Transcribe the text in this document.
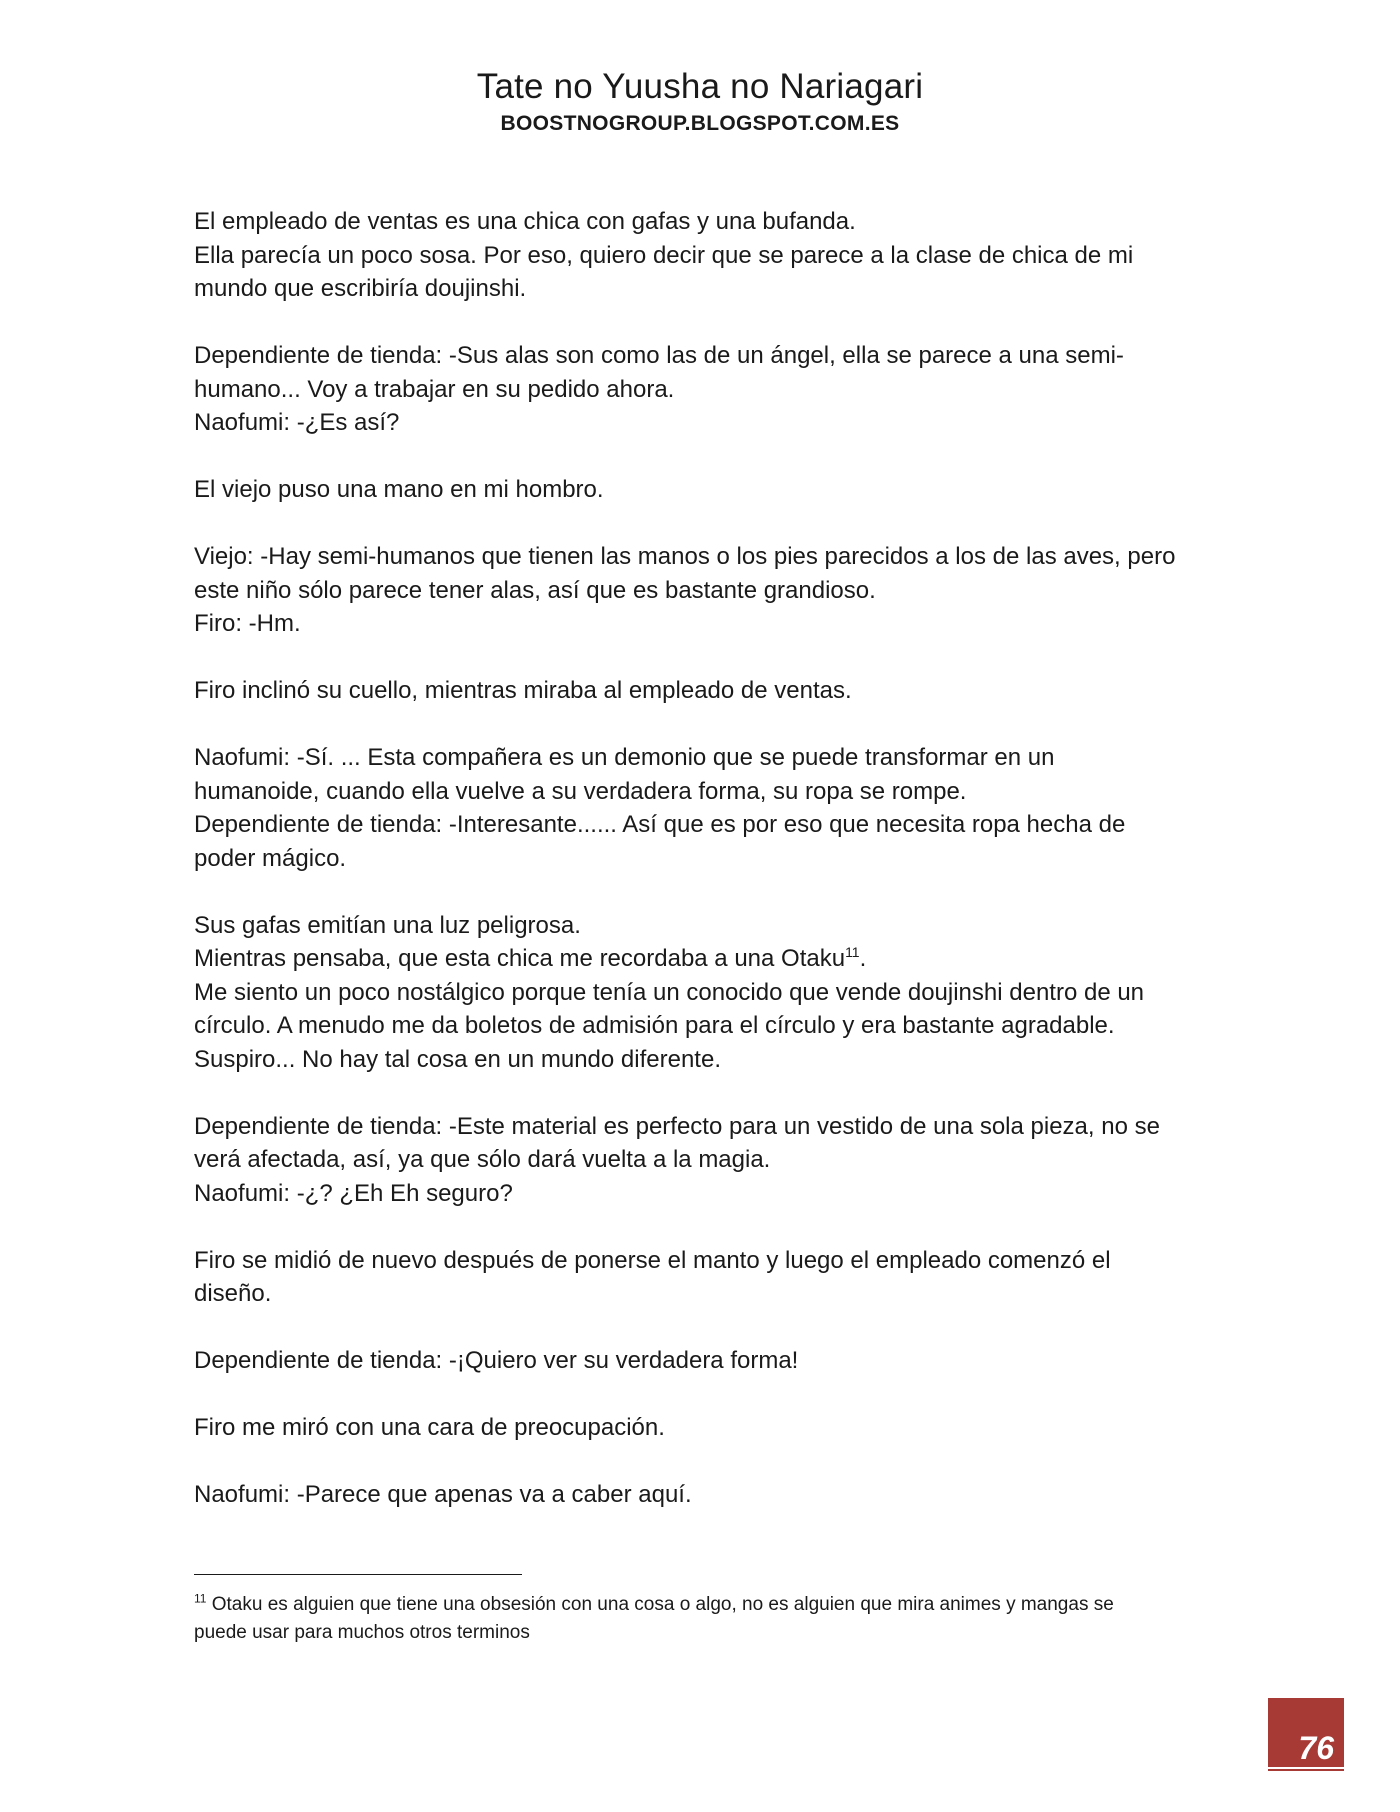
Tate no Yuusha no Nariagari
BOOSTNOGROUP.BLOGSPOT.COM.ES
El empleado de ventas es una chica con gafas y una bufanda.
Ella parecía un poco sosa. Por eso, quiero decir que se parece a la clase de chica de mi
mundo que escribiría doujinshi.
Dependiente de tienda: -Sus alas son como las de un ángel, ella se parece a una semi-
humano... Voy a trabajar en su pedido ahora.
Naofumi: -¿Es así?
El viejo puso una mano en mi hombro.
Viejo: -Hay semi-humanos que tienen las manos o los pies parecidos a los de las aves, pero
este niño sólo parece tener alas, así que es bastante grandioso.
Firo: -Hm.
Firo inclinó su cuello, mientras miraba al empleado de ventas.
Naofumi: -Sí. ... Esta compañera es un demonio que se puede transformar en un
humanoide, cuando ella vuelve a su verdadera forma, su ropa se rompe.
Dependiente de tienda: -Interesante...... Así que es por eso que necesita ropa hecha de
poder mágico.
Sus gafas emitían una luz peligrosa.
Mientras pensaba, que esta chica me recordaba a una Otaku$^{11}$.
Me siento un poco nostálgico porque tenía un conocido que vende doujinshi dentro de un
círculo. A menudo me da boletos de admisión para el círculo y era bastante agradable.
Suspiro... No hay tal cosa en un mundo diferente.
Dependiente de tienda: -Este material es perfecto para un vestido de una sola pieza, no se
verá afectada, así, ya que sólo dará vuelta a la magia.
Naofumi: -¿? ¿Eh Eh seguro?
Firo se midió de nuevo después de ponerse el manto y luego el empleado comenzó el
diseño.
Dependiente de tienda: -¡Quiero ver su verdadera forma!
Firo me miró con una cara de preocupación.
Naofumi: -Parece que apenas va a caber aquí.
$^{11}$ Otaku es alguien que tiene una obsesión con una cosa o algo, no es alguien que mira animes y mangas se
puede usar para muchos otros terminos
76
